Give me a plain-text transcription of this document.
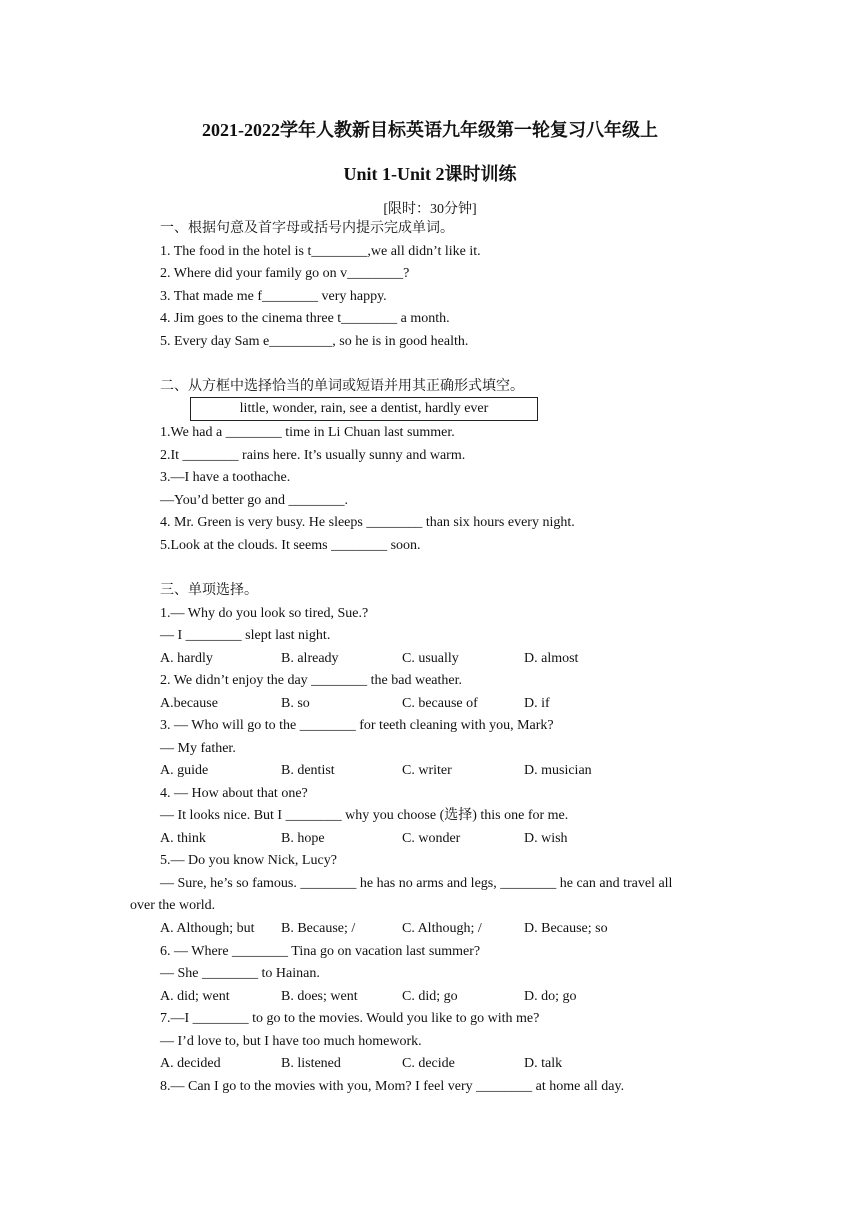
2021-2022学年人教新目标英语九年级第一轮复习八年级上
Unit 1-Unit 2课时训练
[限时：30分钟]
一、根据句意及首字母或括号内提示完成单词。
1. The food in the hotel is t________,we all didn’t like it.
2. Where did your family go on v________?
3. That made me f________ very happy.
4. Jim goes to the cinema three t________ a month.
5. Every day Sam e_________, so he is in good health.
二、从方框中选择恰当的单词或短语并用其正确形式填空。
little, wonder, rain, see a dentist, hardly ever
1.We had a ________ time in Li Chuan last summer.
2.It ________ rains here. It’s usually sunny and warm.
3.—I have a toothache.
—You’d better go and ________.
4. Mr. Green is very busy. He sleeps ________ than six hours every night.
5.Look at the clouds. It seems ________ soon.
三、单项选择。
1.— Why do you look so tired, Sue.?
— I ________ slept last night.
A. hardly	B. already	C. usually	D. almost
2. We didn’t enjoy the day ________ the bad weather.
A.because	B. so	C. because of	D. if
3. — Who will go to the ________ for teeth cleaning with you, Mark?
— My father.
A. guide	B. dentist	C. writer	D. musician
4. — How about that one?
— It looks nice. But I ________ why you choose (选择) this one for me.
A. think	B. hope	C. wonder	D. wish
5.— Do you know Nick, Lucy?
— Sure, he’s so famous. ________ he has no arms and legs, ________ he can and travel all
over the world.
A. Although; but B. Because; /	C. Although; /	D. Because; so
6. — Where ________ Tina go on vacation last summer?
— She ________ to Hainan.
A. did; went	B. does; went	C. did; go	D. do; go
7.—I ________ to go to the movies. Would you like to go with me?
— I’d love to, but I have too much homework.
A. decided	B. listened	C. decide	D. talk
8.— Can I go to the movies with you, Mom? I feel very ________ at home all day.
